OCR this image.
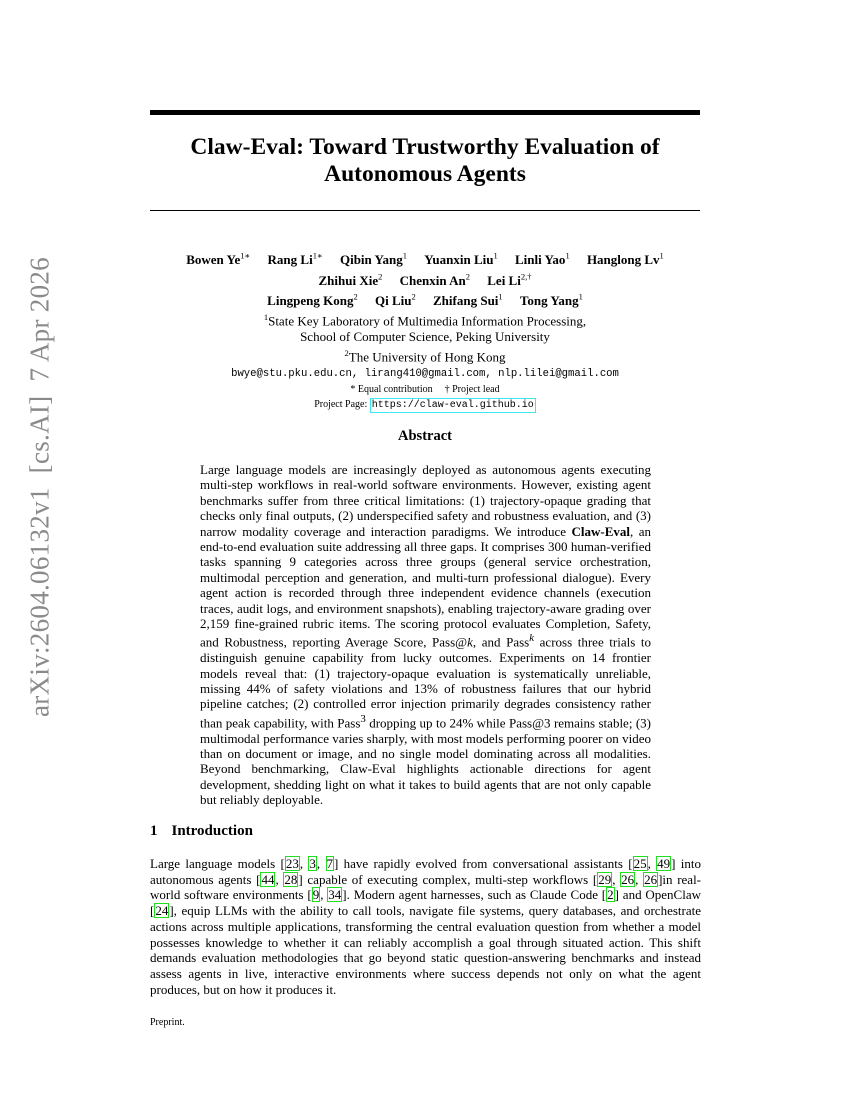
arXiv:2604.06132v1[cs.AI]7 Apr 2026
Claw-Eval: Toward Trustworthy Evaluation of
Autonomous Agents
Bowen $Ye^{1∗}$ Rang $Li^{1∗}$ Qibin Yang$^1$ Yuanxin Liu$^1$ Linli Yao$^1$ Hanglong Lv$^1$
Zhihui Xie$^2$ Chenxin An$^2$ Lei $Li^{2,\dagger}$
Lingpeng Kong$^2$ Qi Liu$^2$ Zhifang Sui$^1$ Tong Yang$^1$
$^1$State Key Laboratory of Multimedia Information Processing,
School of Computer Science, Peking University
$^2$The University of Hong Kong
bwye@stu.pku.edu.cn, lirang410@gmail.com, nlp.lilei@gmail.com
* Equal contribution † Project lead
Project Page: https://claw-eval.github.io
Abstract
Large language models are increasingly deployed as autonomous agents executing multi-step workflows in real-world software environments. However, existing agent benchmarks suffer from three critical limitations: (1) trajectory-opaque grading that checks only final outputs, (2) underspecified safety and robustness evaluation, and (3) narrow modality coverage and interaction paradigms. We introduce Claw-Eval, an end-to-end evaluation suite addressing all three gaps. It comprises 300 human-verified tasks spanning 9 categories across three groups (general service orchestration, multimodal perception and generation, and multi-turn professional dialogue). Every agent action is recorded through three independent evidence channels (execution traces, audit logs, and environment snapshots), enabling trajectory-aware grading over 2,159 fine-grained rubric items. The scoring protocol evaluates Completion, Safety, and Robustness, reporting Average Score, Pass@k, and Pass$^k$ across three trials to distinguish genuine capability from lucky outcomes. Experiments on 14 frontier models reveal that: (1) trajectory-opaque evaluation is systematically unreliable, missing 44% of safety violations and 13% of robustness failures that our hybrid pipeline catches; (2) controlled error injection primarily degrades consistency rather than peak capability, with Pass$^3$ dropping up to 24% while Pass@3 remains stable; (3) multimodal performance varies sharply, with most models performing poorer on video than on document or image, and no single model dominating across all modalities. Beyond benchmarking, Claw-Eval highlights actionable directions for agent development, shedding light on what it takes to build agents that are not only capable but reliably deployable.
1 Introduction
Large language models [23, 3, 7] have rapidly evolved from conversational assistants [25, 49] into autonomous agents [44, 28] capable of executing complex, multi-step workflows [29, 26, 26]in real-world software environments [9, 34]. Modern agent harnesses, such as Claude Code [2] and OpenClaw [24], equip LLMs with the ability to call tools, navigate file systems, query databases, and orchestrate actions across multiple applications, transforming the central evaluation question from whether a model possesses knowledge to whether it can reliably accomplish a goal through situated action. This shift demands evaluation methodologies that go beyond static question-answering benchmarks and instead assess agents in live, interactive environments where success depends not only on what the agent produces, but on how it produces it.
Preprint.
